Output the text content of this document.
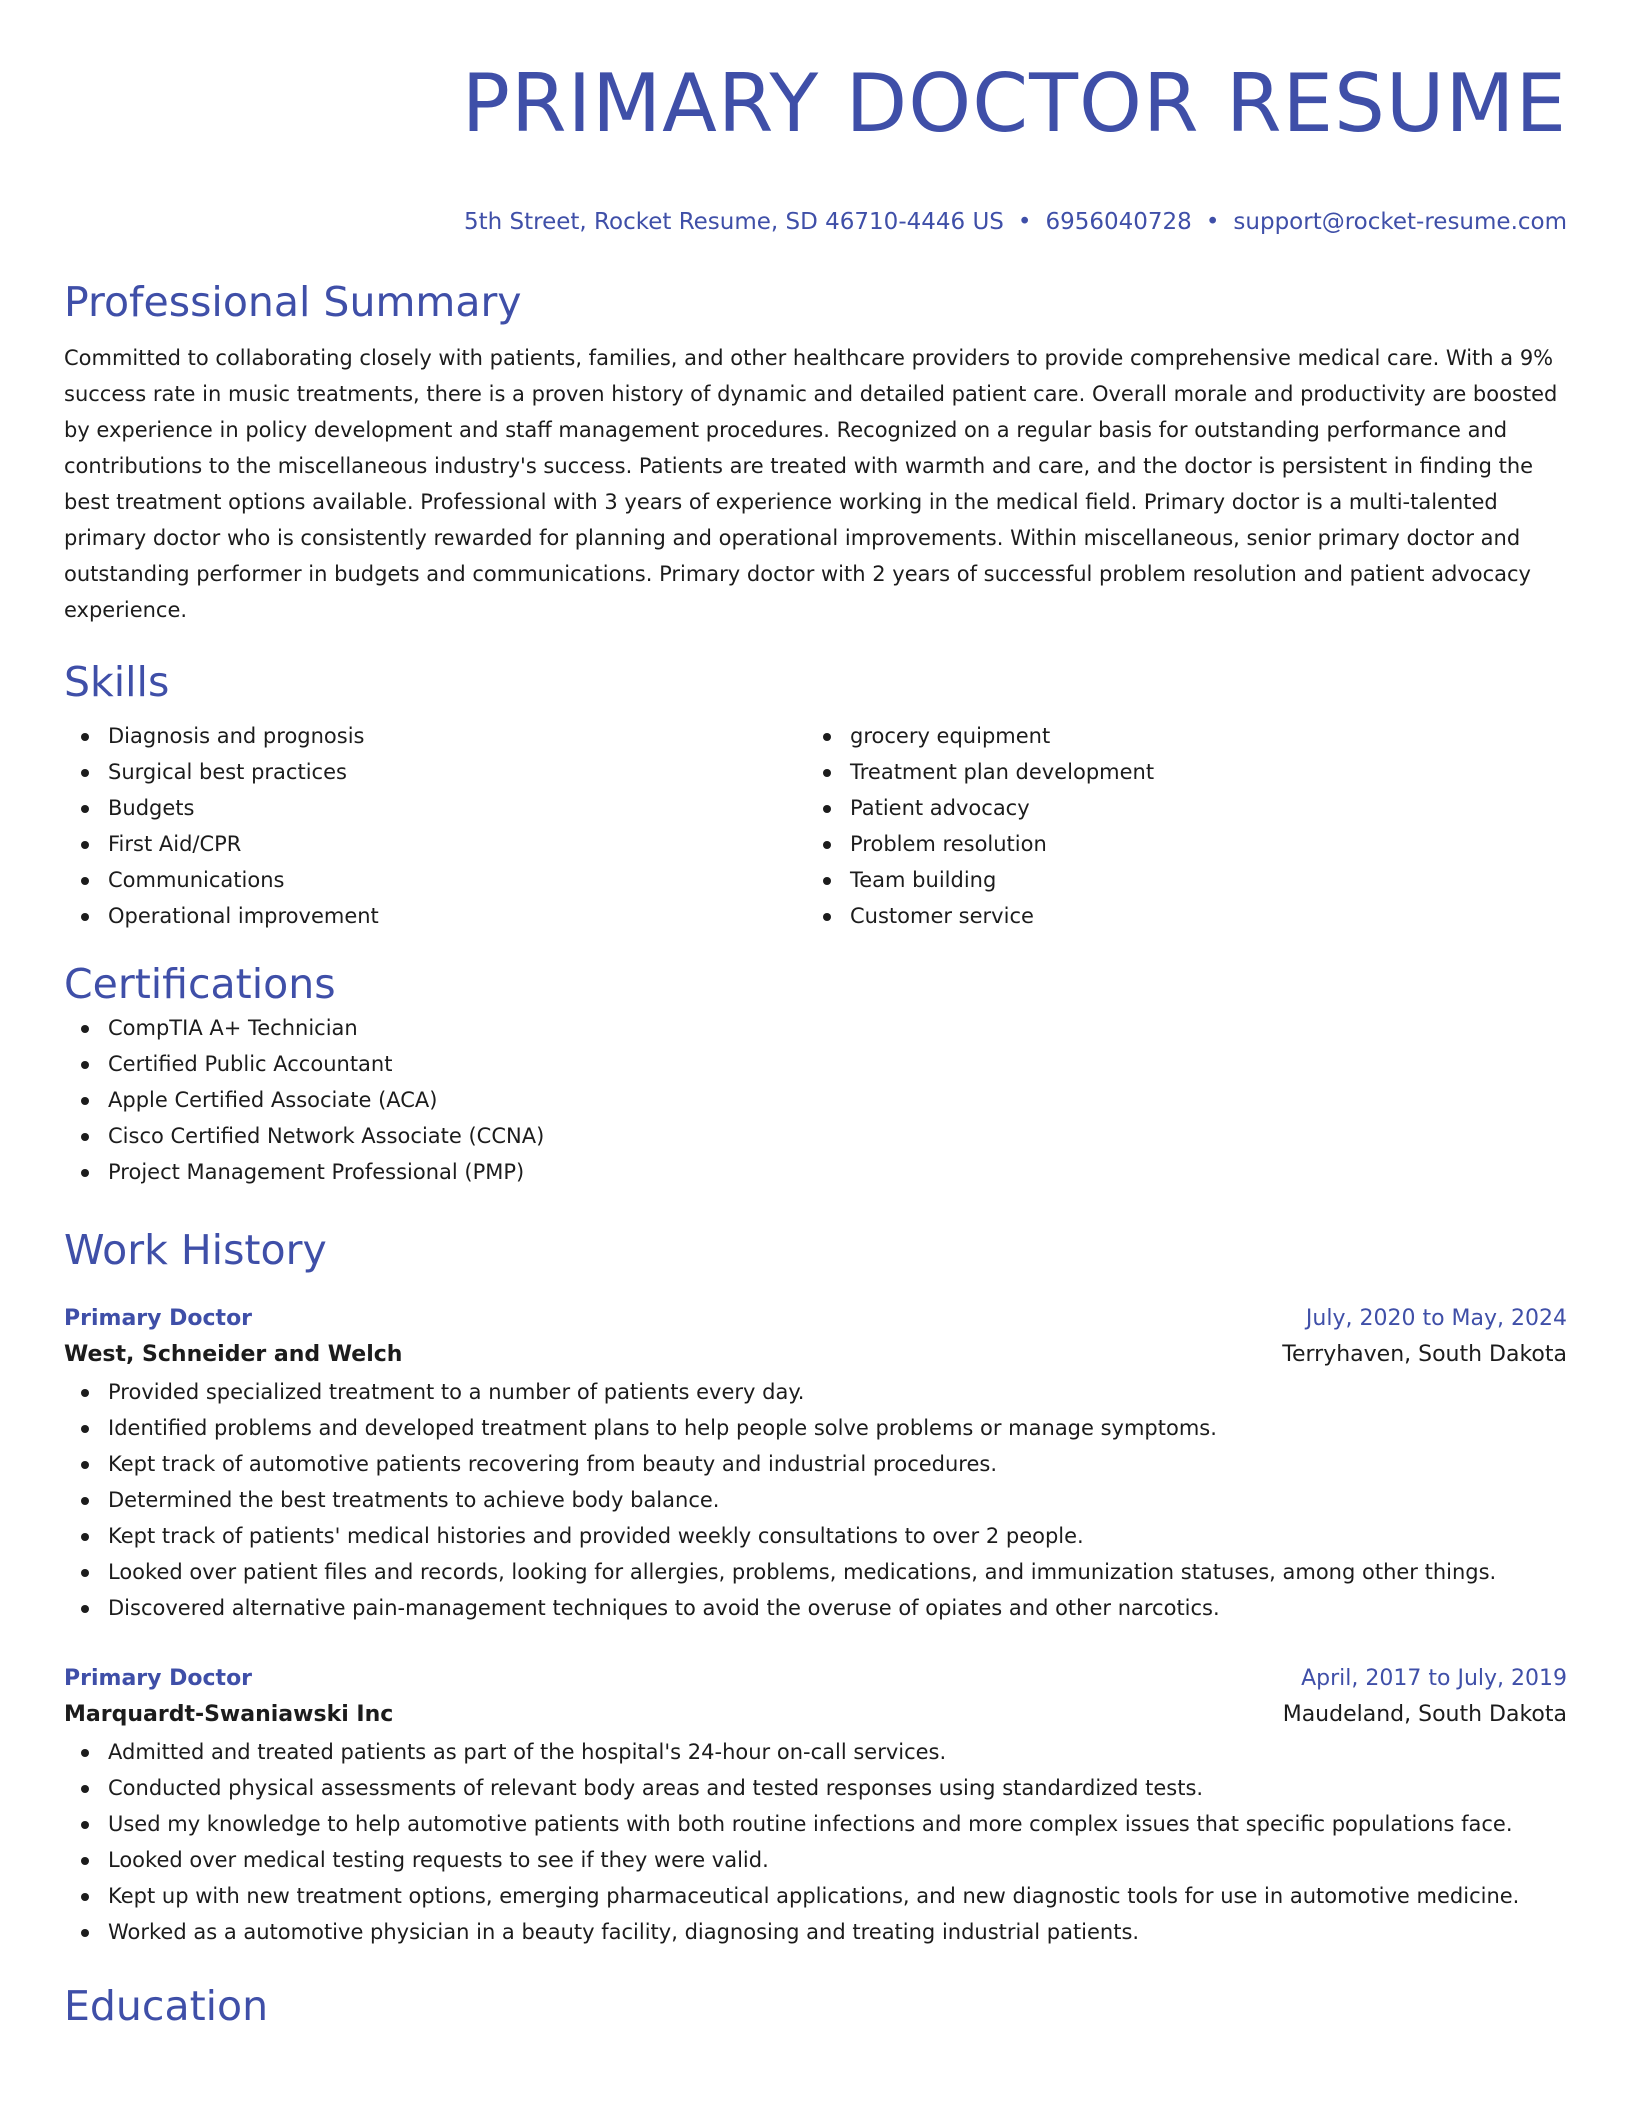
PRIMARY DOCTOR RESUME
5th Street, Rocket Resume, SD 46710-4446 US • 6956040728 • support@rocket-resume.com
Professional Summary

Committed to collaborating closely with patients, families, and other healthcare providers to provide comprehensive medical care. With a 9% success rate in music treatments, there is a proven history of dynamic and detailed patient care. Overall morale and productivity are boosted by experience in policy development and staff management procedures. Recognized on a regular basis for outstanding performance and contributions to the miscellaneous industry's success. Patients are treated with warmth and care, and the doctor is persistent in finding the best treatment options available. Professional with 3 years of experience working in the medical field. Primary doctor is a multi-talented primary doctor who is consistently rewarded for planning and operational improvements. Within miscellaneous, senior primary doctor and outstanding performer in budgets and communications. Primary doctor with 2 years of successful problem resolution and patient advocacy experience.

Skills
Diagnosis and prognosis
Surgical best practices
Budgets
First Aid/CPR
Communications
Operational improvement
grocery equipment
Treatment plan development
Patient advocacy
Problem resolution
Team building
Customer service
Certifications
CompTIA A+ Technician
Certified Public Accountant
Apple Certified Associate (ACA)
Cisco Certified Network Associate (CCNA)
Project Management Professional (PMP)
Work History
Primary Doctor	July, 2020 to May, 2024
West, Schneider and Welch	Terryhaven, South Dakota
Provided specialized treatment to a number of patients every day.
Identified problems and developed treatment plans to help people solve problems or manage symptoms.
Kept track of automotive patients recovering from beauty and industrial procedures.
Determined the best treatments to achieve body balance.
Kept track of patients' medical histories and provided weekly consultations to over 2 people.
Looked over patient files and records, looking for allergies, problems, medications, and immunization statuses, among other things.
Discovered alternative pain-management techniques to avoid the overuse of opiates and other narcotics.
Primary Doctor	April, 2017 to July, 2019
Marquardt-Swaniawski Inc	Maudeland, South Dakota
Admitted and treated patients as part of the hospital's 24-hour on-call services.
Conducted physical assessments of relevant body areas and tested responses using standardized tests.
Used my knowledge to help automotive patients with both routine infections and more complex issues that specific populations face.
Looked over medical testing requests to see if they were valid.
Kept up with new treatment options, emerging pharmaceutical applications, and new diagnostic tools for use in automotive medicine.
Worked as a automotive physician in a beauty facility, diagnosing and treating industrial patients.
Education
